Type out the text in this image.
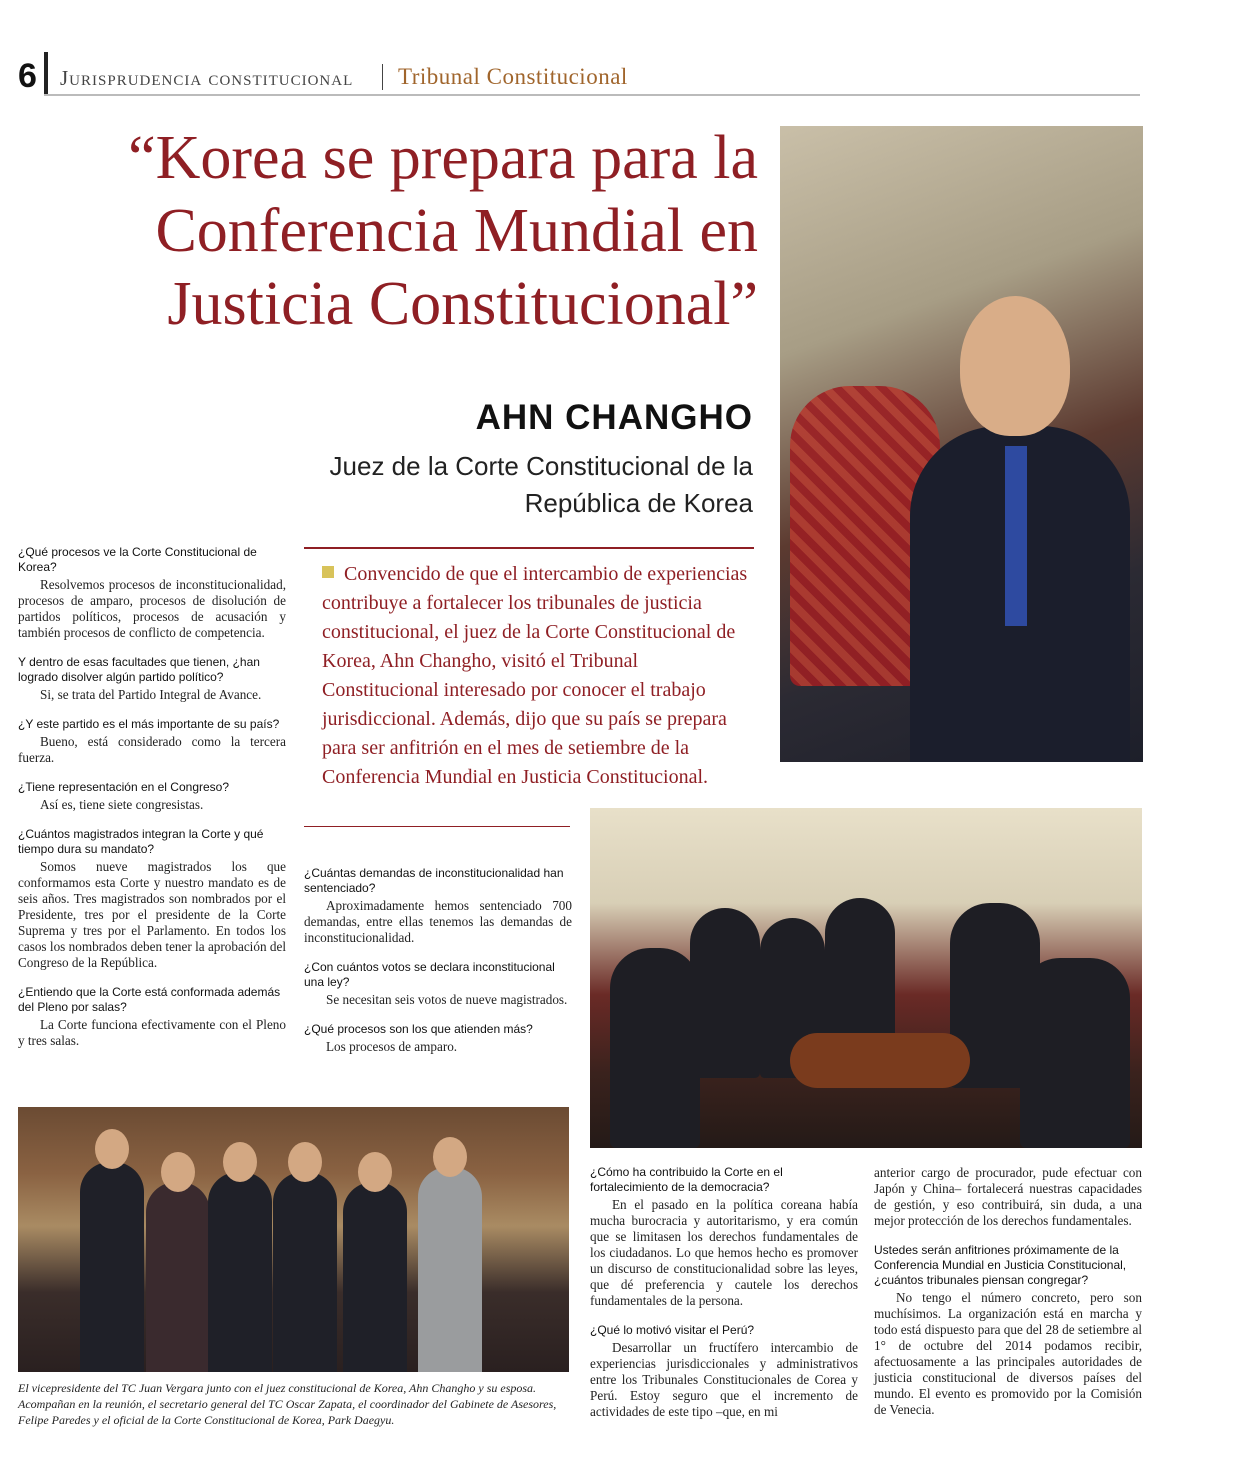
6 Jurisprudencia constitucional Tribunal Constitucional
“Korea se prepara para la
Conferencia Mundial en
Justicia Constitucional”
AHN CHANGHO
Juez de la Corte Constitucional de la
República de Korea
Convencido de que el intercambio de experiencias contribuye a fortalecer los tribunales de justicia constitucional, el juez de la Corte Constitucional de Korea, Ahn Changho, visitó el Tribunal Constitucional interesado por conocer el trabajo jurisdiccional. Además, dijo que su país se prepara para ser anfitrión en el mes de setiembre de la Conferencia Mundial en Justicia Constitucional.

¿Qué procesos ve la Corte Constitucional de Korea?

Resolvemos procesos de inconstitucionalidad, procesos de amparo, procesos de disolución de partidos políticos, procesos de acusación y también procesos de conflicto de competencia.

Y dentro de esas facultades que tienen, ¿han logrado disolver algún partido político?

Si, se trata del Partido Integral de Avance.

¿Y este partido es el más importante de su país?

Bueno, está considerado como la tercera fuerza.

¿Tiene representación en el Congreso?

Así es, tiene siete congresistas.

¿Cuántos magistrados integran la Corte y qué tiempo dura su mandato?

Somos nueve magistrados los que conformamos esta Corte y nuestro mandato es de seis años. Tres magistrados son nombrados por el Presidente, tres por el presidente de la Corte Suprema y tres por el Parlamento. En todos los casos los nombrados deben tener la aprobación del Congreso de la República.

¿Entiendo que la Corte está conformada además del Pleno por salas?

La Corte funciona efectivamente con el Pleno y tres salas.

¿Cuántas demandas de inconstitucionalidad han sentenciado?

Aproximadamente hemos sentenciado 700 demandas, entre ellas tenemos las demandas de inconstitucionalidad.

¿Con cuántos votos se declara inconstitucional una ley?

Se necesitan seis votos de nueve magistrados.

¿Qué procesos son los que atienden más?

Los procesos de amparo.

¿Cómo ha contribuido la Corte en el fortalecimiento de la democracia?

En el pasado en la política coreana había mucha burocracia y autoritarismo, y era común que se limitasen los derechos fundamentales de los ciudadanos. Lo que hemos hecho es promover un discurso de constitucionalidad sobre las leyes, que dé preferencia y cautele los derechos fundamentales de la persona.

¿Qué lo motivó visitar el Perú?

Desarrollar un fructífero intercambio de experiencias jurisdiccionales y administrativos entre los Tribunales Constitucionales de Corea y Perú. Estoy seguro que el incremento de actividades de este tipo –que, en mi

anterior cargo de procurador, pude efectuar con Japón y China– fortalecerá nuestras capacidades de gestión, y eso contribuirá, sin duda, a una mejor protección de los derechos fundamentales.

Ustedes serán anfitriones próximamente de la Conferencia Mundial en Justicia Constitucional, ¿cuántos tribunales piensan congregar?

No tengo el número concreto, pero son muchísimos. La organización está en marcha y todo está dispuesto para que del 28 de setiembre al 1° de octubre del 2014 podamos recibir, afectuosamente a las principales autoridades de justicia constitucional de diversos países del mundo. El evento es promovido por la Comisión de Venecia.

El vicepresidente del TC Juan Vergara junto con el juez constitucional de Korea, Ahn Changho y su esposa. Acompañan en la reunión, el secretario general del TC Oscar Zapata, el coordinador del Gabinete de Asesores, Felipe Paredes y el oficial de la Corte Constitucional de Korea, Park Daegyu.
